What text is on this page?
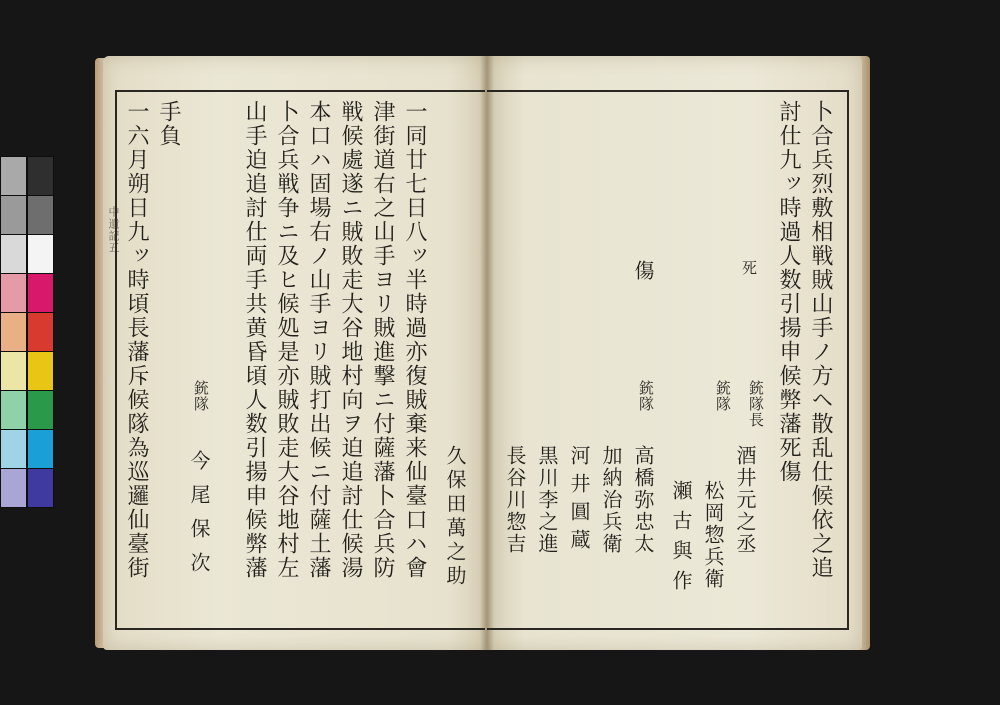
中遺記五 一六月朔日九ッ時頃長藩斥候隊為巡邏仙臺街 手負
銃隊
今尾保次 山手迫追討仕両手共黄昏頃人数引揚申候弊藩 卜合兵戦争ニ及ヒ候処是亦賊敗走大谷地村左 本口ハ固場右ノ山手ヨリ賊打出候ニ付薩土藩 戦候處遂ニ賊敗走大谷地村向ヲ迫追討仕候湯 津街道右之山手ヨリ賊進撃ニ付薩藩卜合兵防 一同廿七日八ッ半時過亦復賊棄来仙臺口ハ會 久保田萬之助	卜合兵烈敷相戦賊山手ノ方ヘ散乱仕候依之追
討仕九ッ時過人数引揚申候弊藩死傷
死
銃隊長
酒井元之丞
銃隊
松岡惣兵衛
瀬古與作
傷
銃隊
高橋弥忠太
加納治兵衛
河井圓蔵
黒川李之進
長谷川惣吉
